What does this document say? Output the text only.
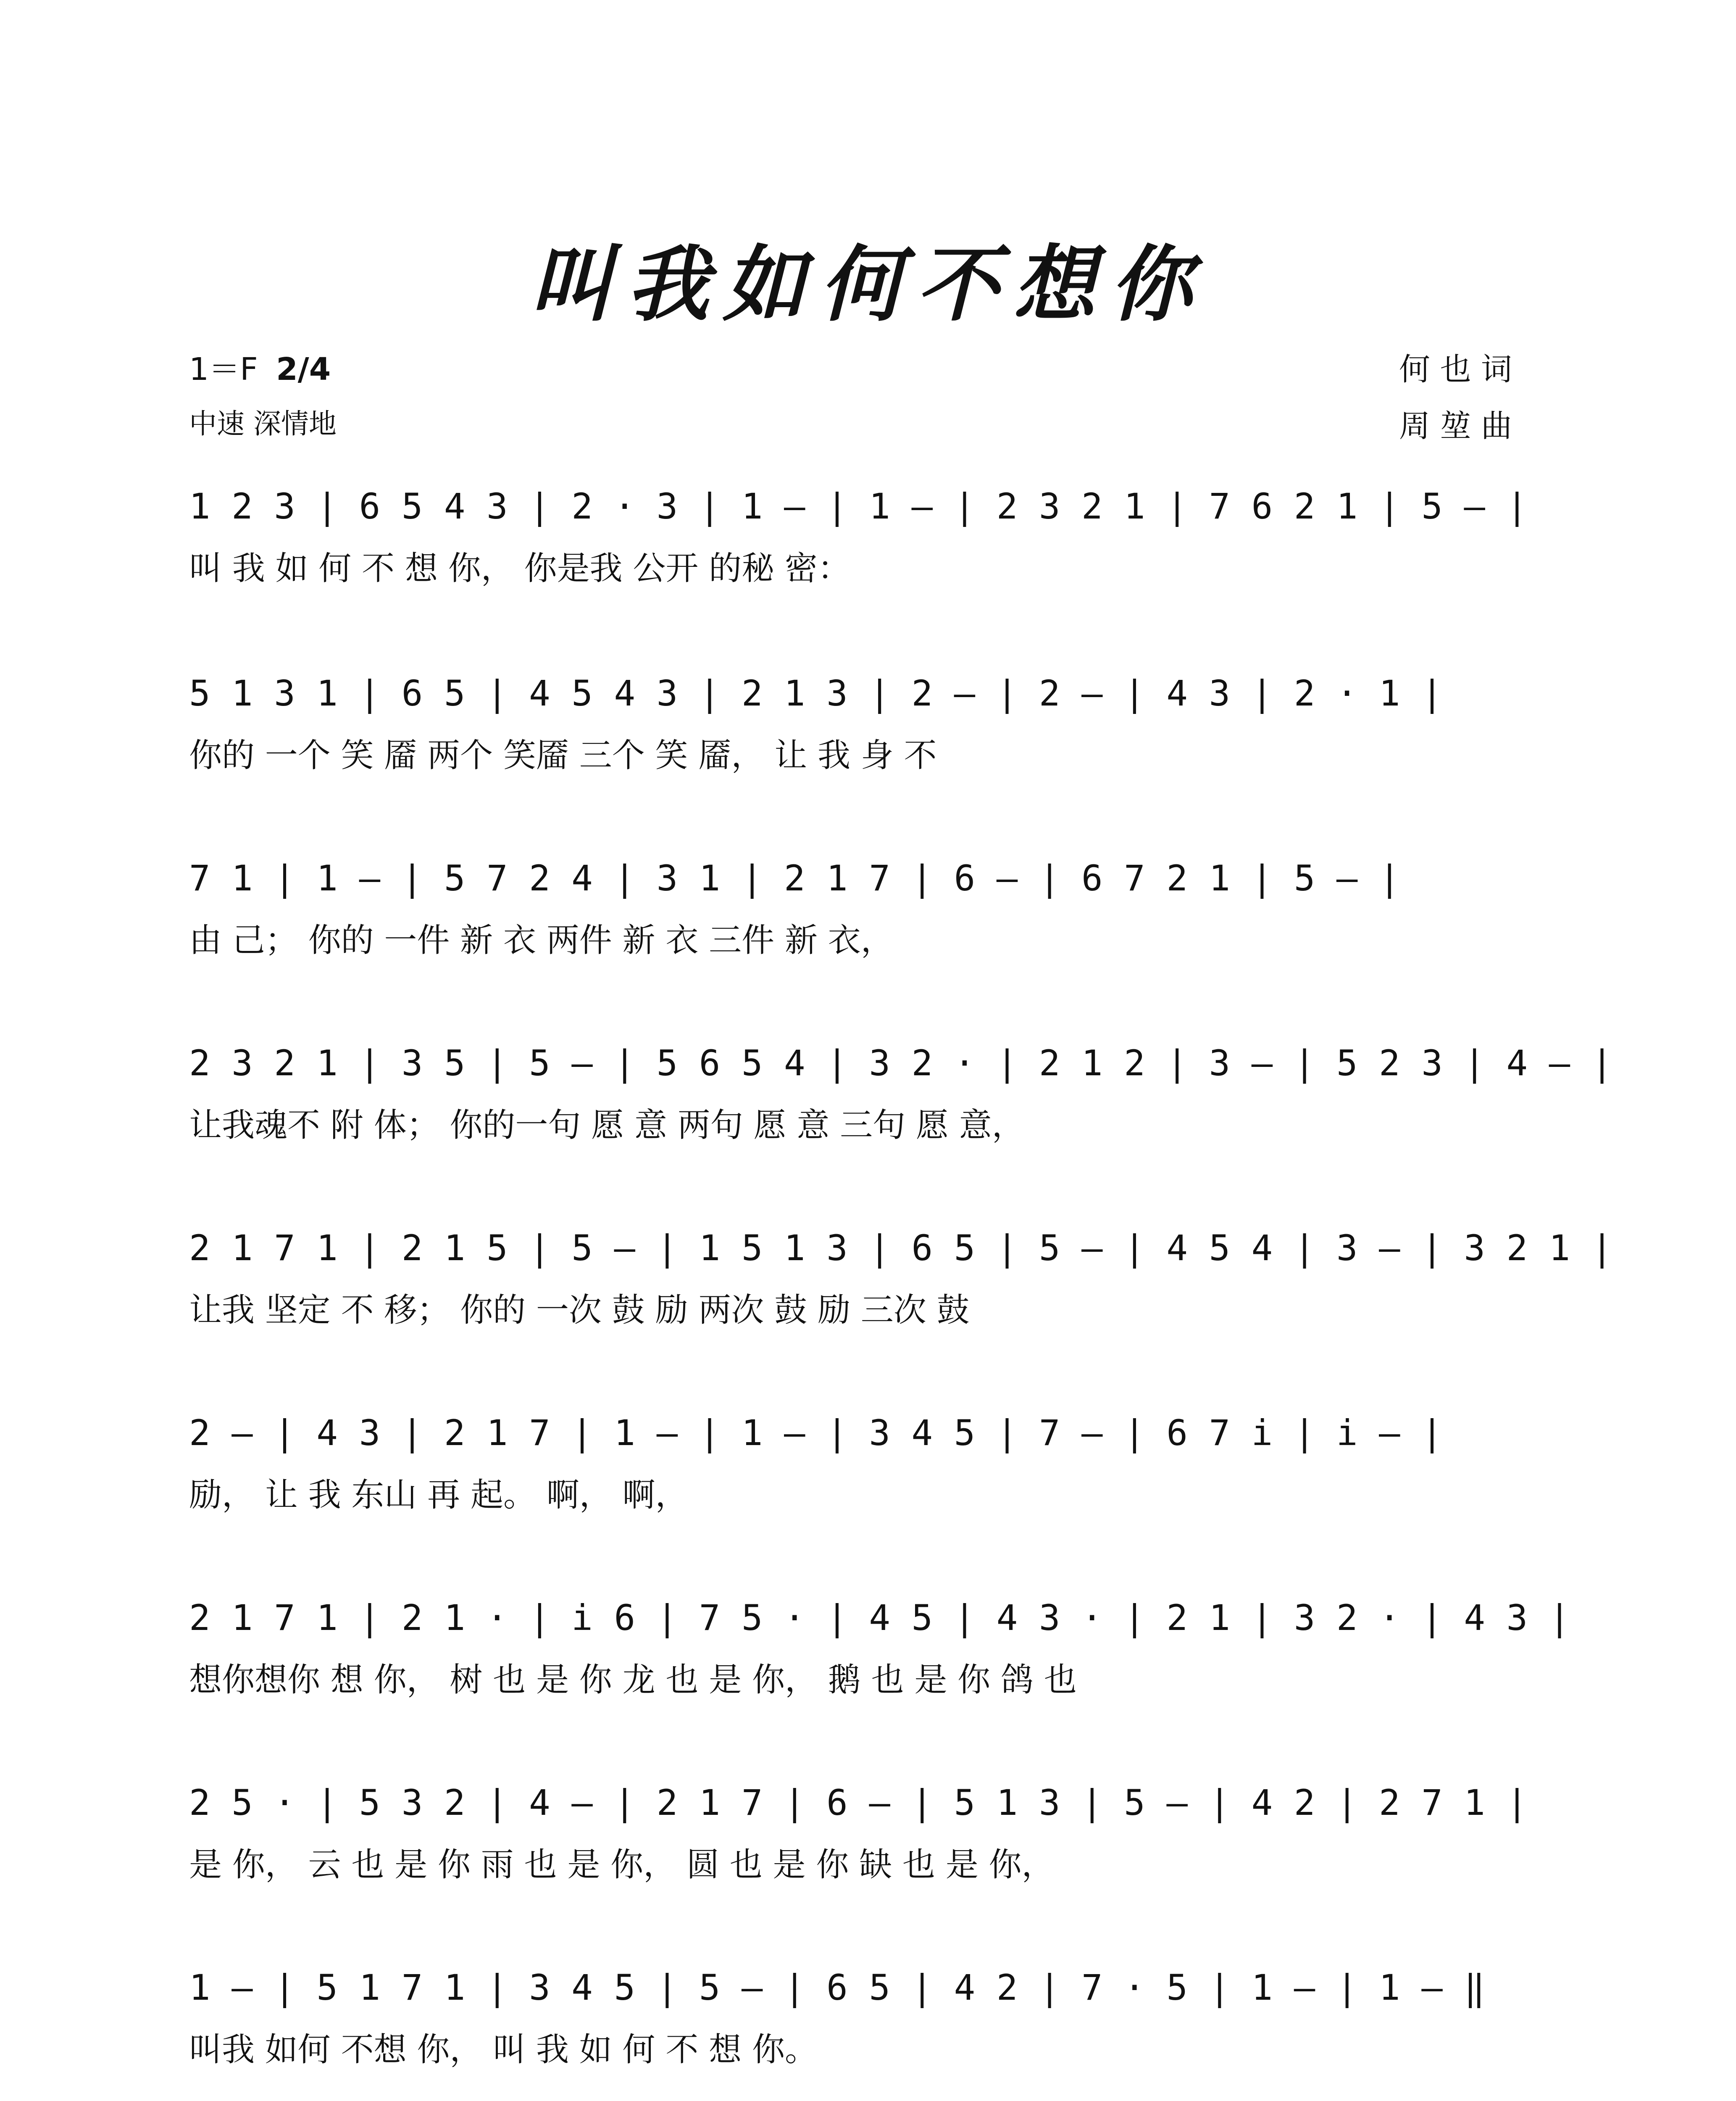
叫我如何不想你
1＝F 2/4
中速 深情地
何 也 词
周 堃 曲
1 2 3 | 6 5 4 3 | 2 · 3 | 1 – | 1 – | 2 3 2 1 | 7 6 2 1 | 5 – |
叫 我 如 何 不 想 你， 你是我 公开 的秘 密：
5 1 3 1 | 6 5 | 4 5 4 3 | 2 1 3 | 2 – | 2 – | 4 3 | 2 · 1 |
你的 一个 笑 靥 两个 笑靥 三个 笑 靥， 让 我 身 不
7 1 | 1 – | 5 7 2 4 | 3 1 | 2 1 7 | 6 – | 6 7 2 1 | 5 – |
由 己； 你的 一件 新 衣 两件 新 衣 三件 新 衣，
2 3 2 1 | 3 5 | 5 – | 5 6 5 4 | 3 2 · | 2 1 2 | 3 – | 5 2 3 | 4 – |
让我魂不 附 体； 你的一句 愿 意 两句 愿 意 三句 愿 意，
2 1 7 1 | 2 1 5 | 5 – | 1 5 1 3 | 6 5 | 5 – | 4 5 4 | 3 – | 3 2 1 |
让我 坚定 不 移； 你的 一次 鼓 励 两次 鼓 励 三次 鼓
2 – | 4 3 | 2 1 7 | 1 – | 1 – | 3 4 5 | 7 – | 6 7 i | i – |
励， 让 我 东山 再 起。 啊， 啊，
2 1 7 1 | 2 1 · | i 6 | 7 5 · | 4 5 | 4 3 · | 2 1 | 3 2 · | 4 3 |
想你想你 想 你， 树 也 是 你 龙 也 是 你， 鹅 也 是 你 鸽 也
2 5 · | 5 3 2 | 4 – | 2 1 7 | 6 – | 5 1 3 | 5 – | 4 2 | 2 7 1 |
是 你， 云 也 是 你 雨 也 是 你， 圆 也 是 你 缺 也 是 你，
1 – | 5 1 7 1 | 3 4 5 | 5 – | 6 5 | 4 2 | 7 · 5 | 1 – | 1 – ‖
叫我 如何 不想 你， 叫 我 如 何 不 想 你。
